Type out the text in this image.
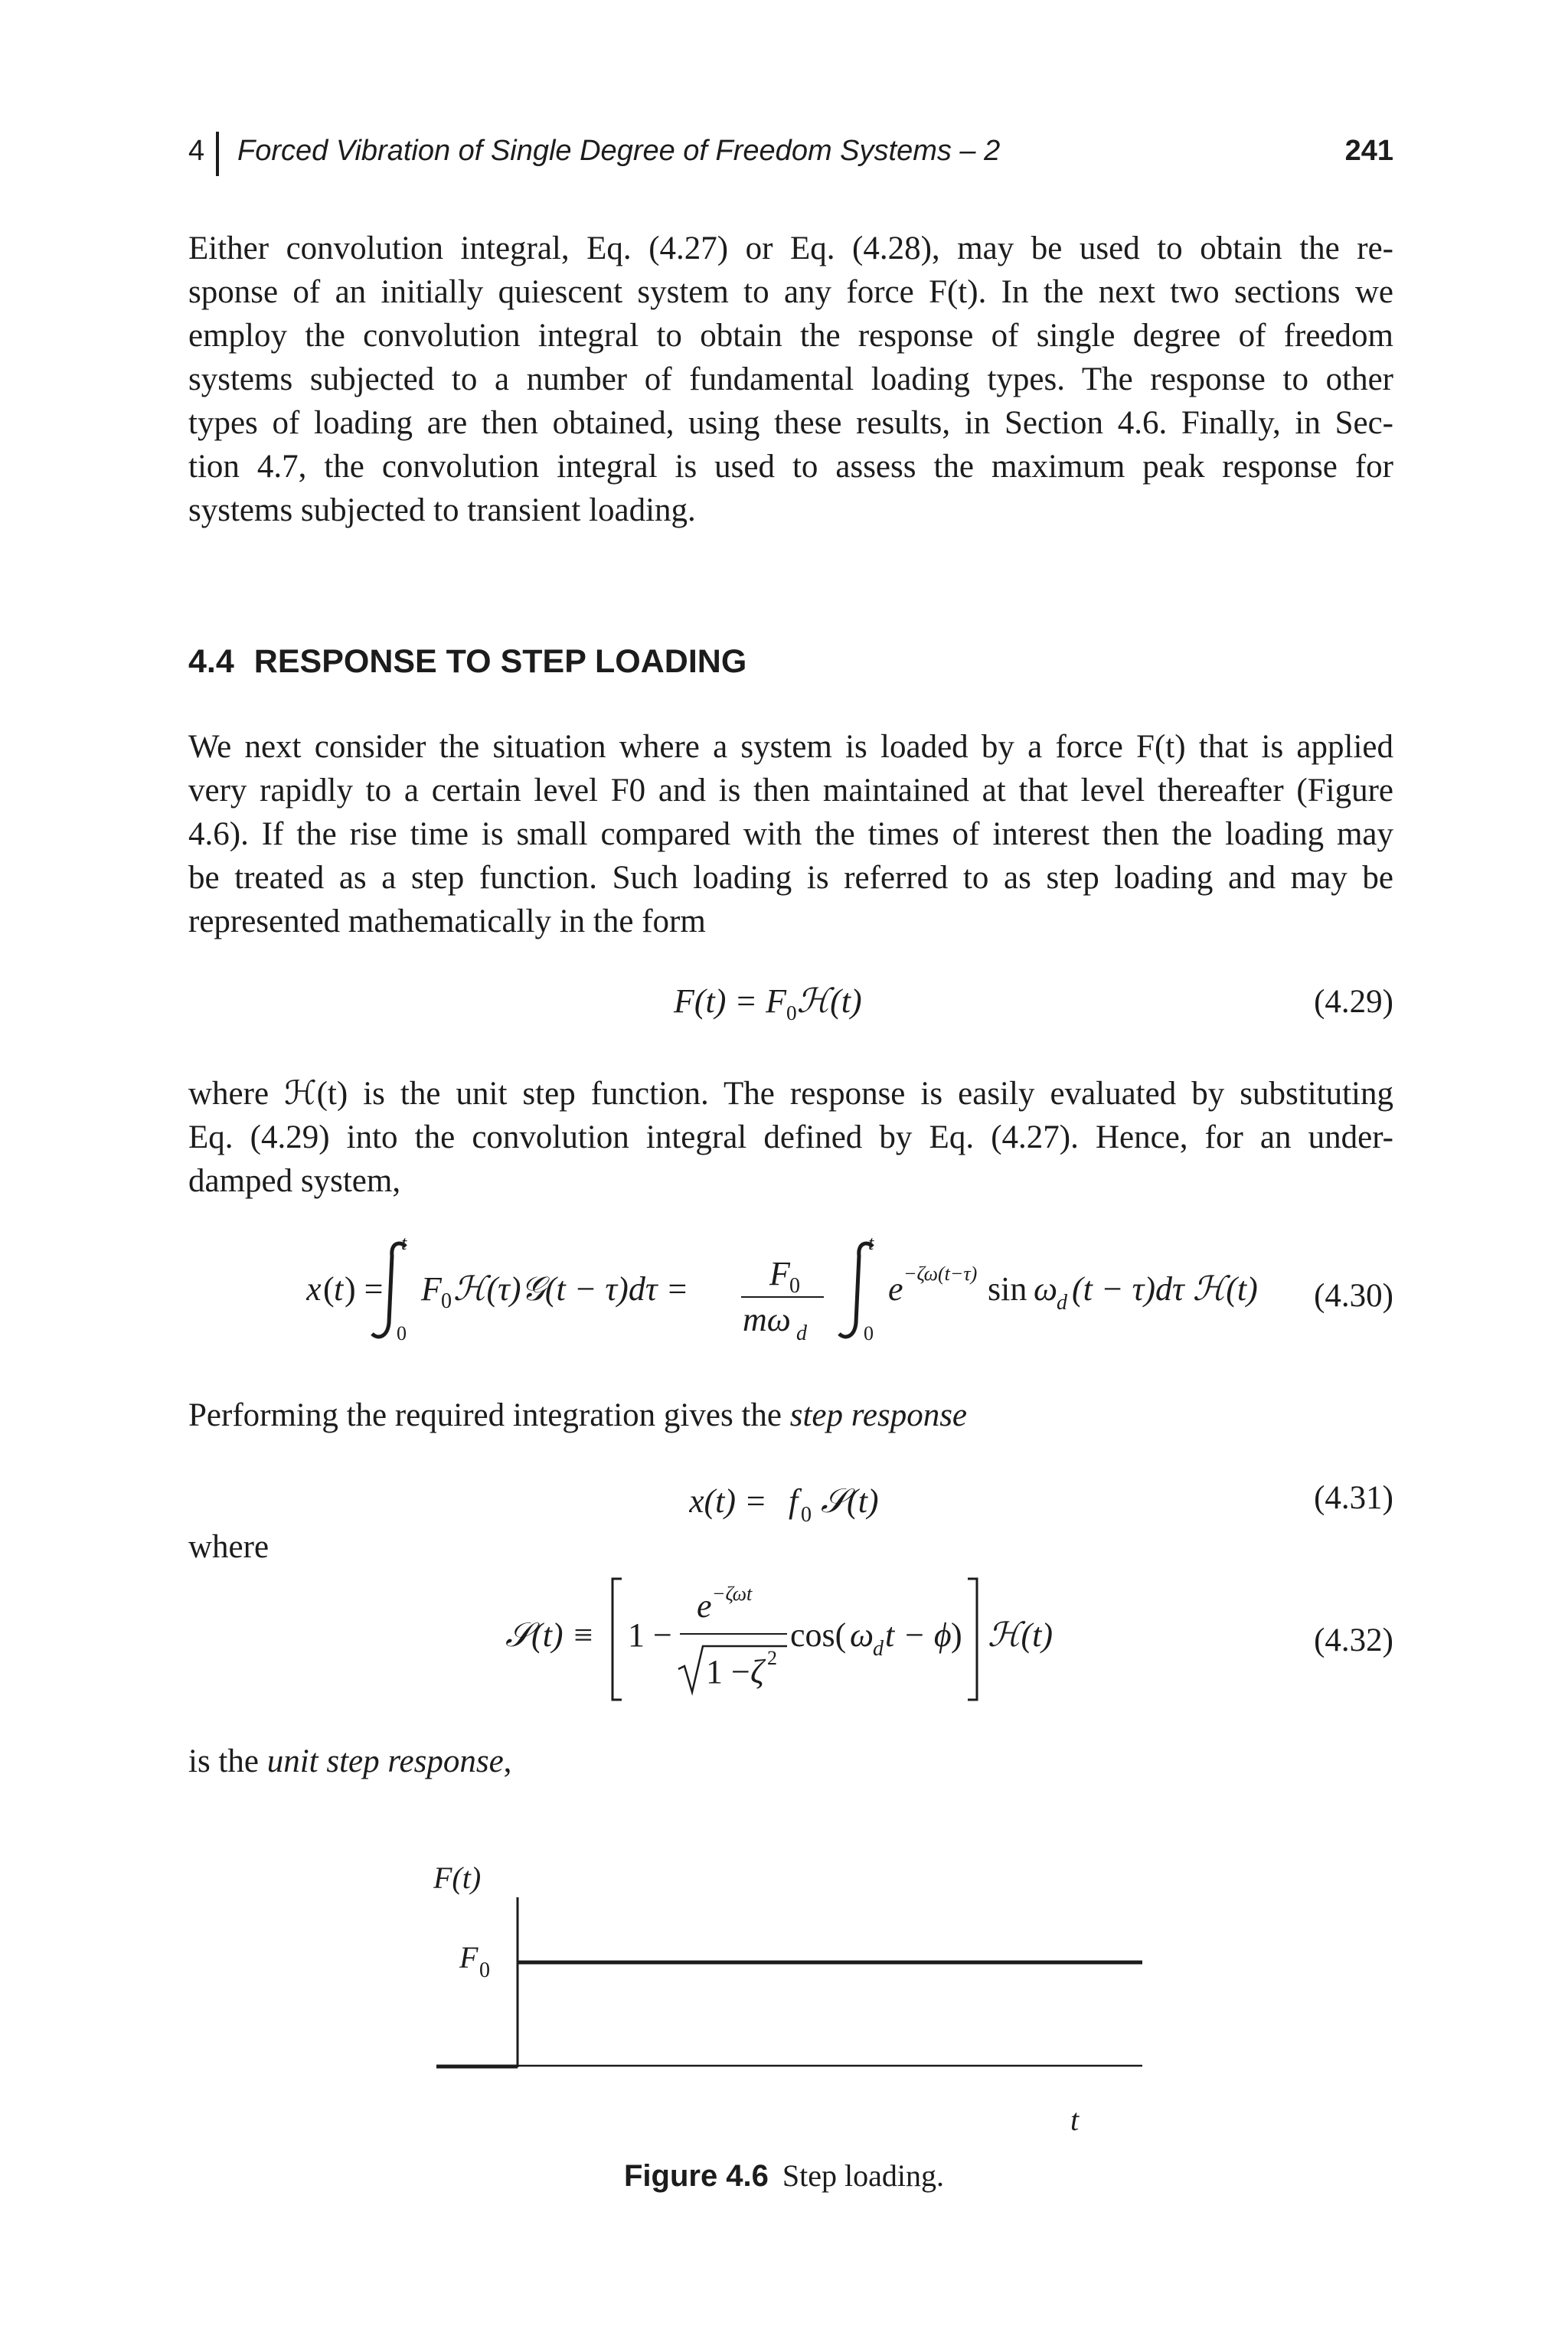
4 Forced Vibration of Single Degree of Freedom Systems – 2	241
Either convolution integral, Eq. (4.27) or Eq. (4.28), may be used to obtain the re-
sponse of an initially quiescent system to any force F(t). In the next two sections we
employ the convolution integral to obtain the response of single degree of freedom
systems subjected to a number of fundamental loading types. The response to other
types of loading are then obtained, using these results, in Section 4.6. Finally, in Sec-
tion 4.7, the convolution integral is used to assess the maximum peak response for
systems subjected to transient loading.
4.4 RESPONSE TO STEP LOADING
We next consider the situation where a system is loaded by a force F(t) that is applied
very rapidly to a certain level F0 and is then maintained at that level thereafter (Figure
4.6). If the rise time is small compared with the times of interest then the loading may
be treated as a step function. Such loading is referred to as step loading and may be
represented mathematically in the form
$F(t) = F_0ℋ(t)$	(4.29)
where ℋ(t) is the unit step function. The response is easily evaluated by substituting
Eq. (4.29) into the convolution integral defined by Eq. (4.27). Hence, for an under-
damped system,
x ( t ) =
t
0
F 0 ℋ(τ)𝒢(t − τ)dτ = F 0
mω d
t
0
e −ζω(t−τ) sin ω
d (t − τ)dτ ℋ(t) (4.30)
Performing the required integration gives the step response
x(t) = f 0 𝒮(t)	(4.31)
where
𝒮(t) ≡ 1 −
e −ζωt
1 − ζ 2
cos( ω
d t − ϕ ) ℋ(t)	(4.32)
is the unit step response,
F(t)
F 0
t
Figure 4.6 Step loading.
